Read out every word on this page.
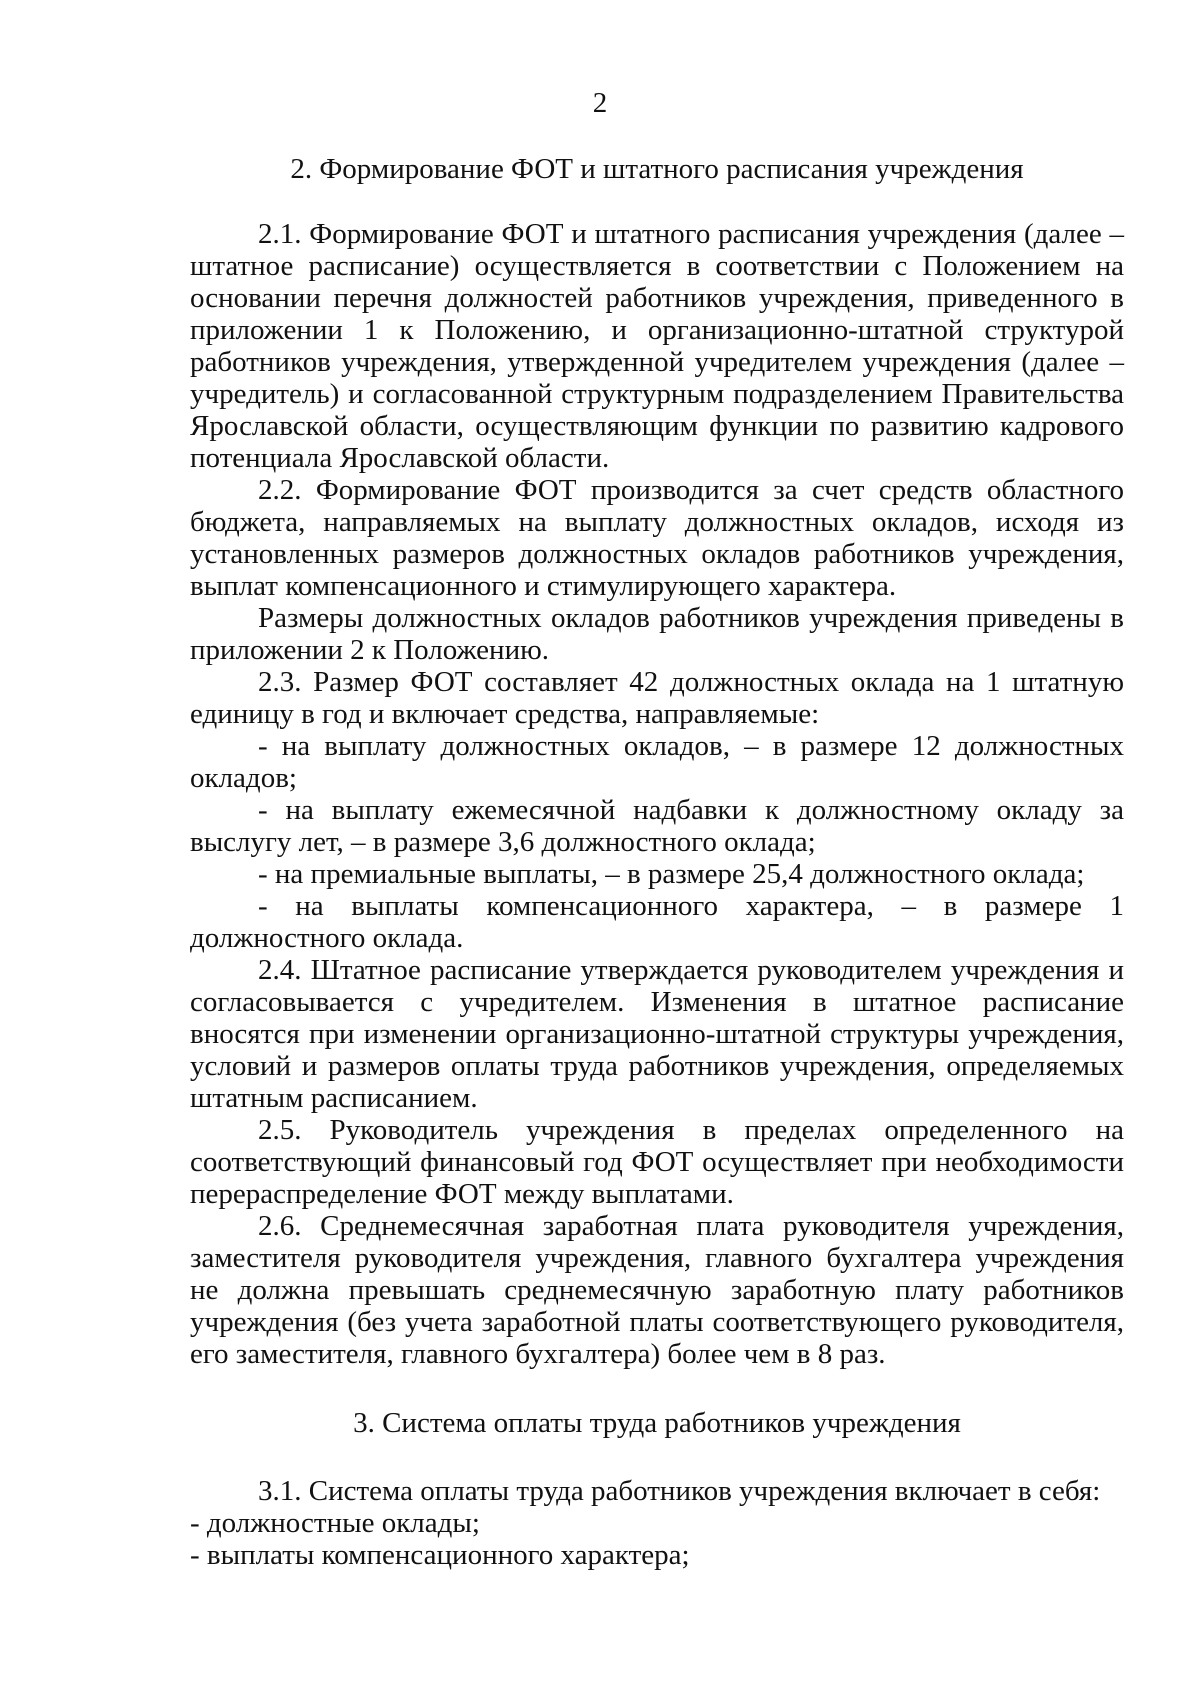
2
2. Формирование ФОТ и штатного расписания учреждения

2.1. Формирование ФОТ и штатного расписания учреждения (далее – штатное расписание) осуществляется в соответствии с Положением на основании перечня должностей работников учреждения, приведенного в приложении 1 к Положению, и организационно-штатной структурой работников учреждения, утвержденной учредителем учреждения (далее – учредитель) и согласованной структурным подразделением Правительства Ярославской области, осуществляющим функции по развитию кадрового потенциала Ярославской области.

2.2. Формирование ФОТ производится за счет средств областного бюджета, направляемых на выплату должностных окладов, исходя из установленных размеров должностных окладов работников учреждения, выплат компенсационного и стимулирующего характера.

Размеры должностных окладов работников учреждения приведены в приложении 2 к Положению.

2.3. Размер ФОТ составляет 42 должностных оклада на 1 штатную единицу в год и включает средства, направляемые:

- на выплату должностных окладов, – в размере 12 должностных окладов;

- на выплату ежемесячной надбавки к должностному окладу за выслугу лет, – в размере 3,6 должностного оклада;

- на премиальные выплаты, – в размере 25,4 должностного оклада;

- на выплаты компенсационного характера, – в размере 1 должностного оклада.

2.4. Штатное расписание утверждается руководителем учреждения и согласовывается с учредителем. Изменения в штатное расписание вносятся при изменении организационно-штатной структуры учреждения, условий и размеров оплаты труда работников учреждения, определяемых штатным расписанием.

2.5. Руководитель учреждения в пределах определенного на соответствующий финансовый год ФОТ осуществляет при необходимости перераспределение ФОТ между выплатами.

2.6. Среднемесячная заработная плата руководителя учреждения, заместителя руководителя учреждения, главного бухгалтера учреждения не должна превышать среднемесячную заработную плату работников учреждения (без учета заработной платы соответствующего руководителя, его заместителя, главного бухгалтера) более чем в 8 раз.

3. Система оплаты труда работников учреждения

3.1. Система оплаты труда работников учреждения включает в себя:

- должностные оклады;

- выплаты компенсационного характера;
